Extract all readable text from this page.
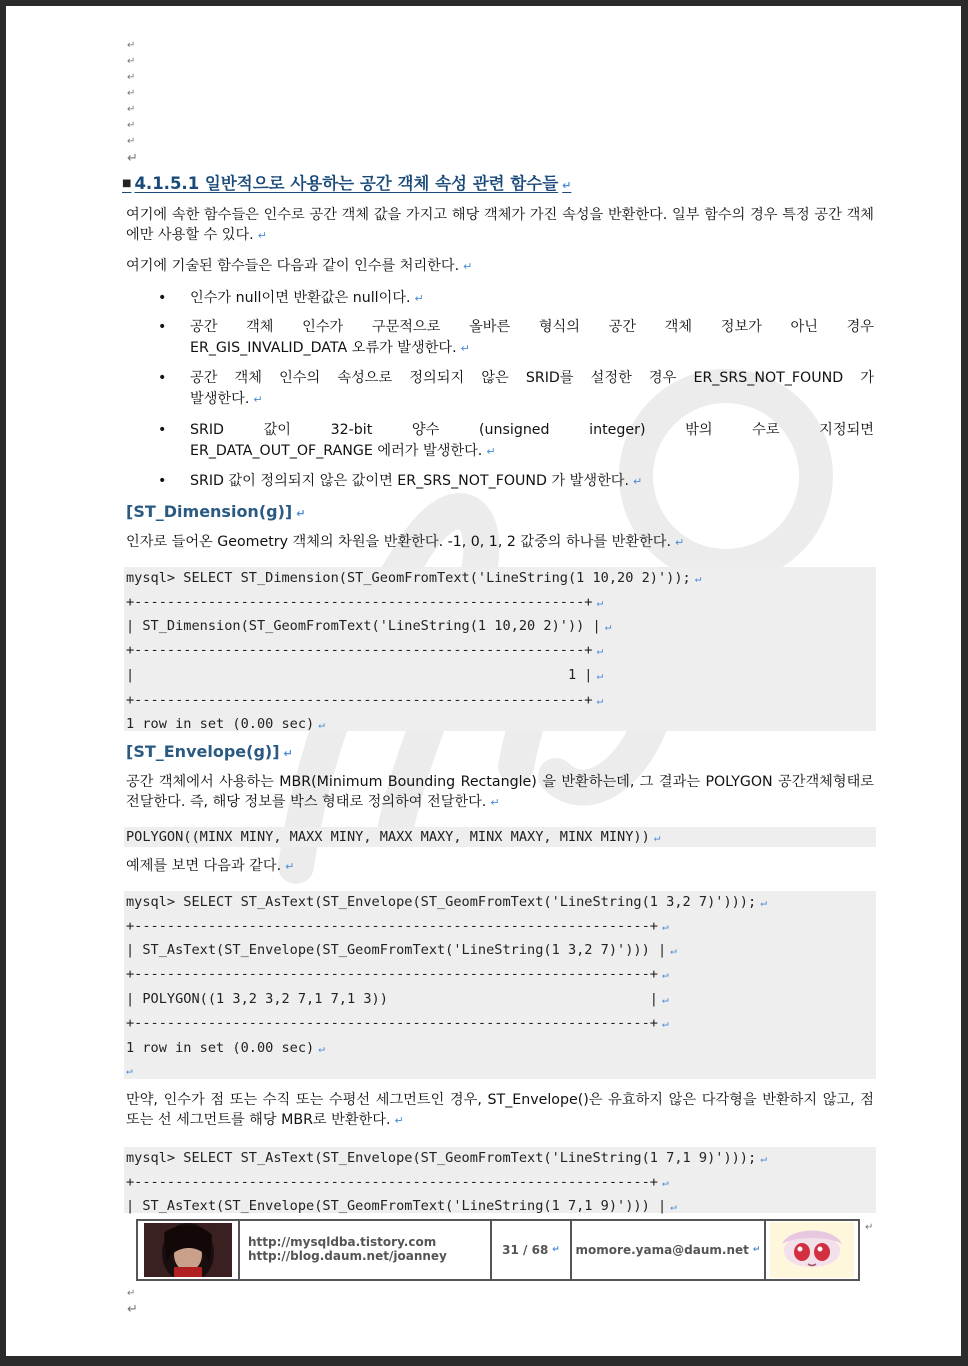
↵
↵
↵
↵
↵
↵
↵
↵
■ 4.1.5.1 일반적으로 사용하는 공간 객체 속성 관련 함수들 ↵
여기에 속한 함수들은 인수로 공간 객체 값을 가지고 해당 객체가 가진 속성을 반환한다. 일부 함수의 경우 특정 공간 객체에만 사용할 수 있다. ↵
여기에 기술된 함수들은 다음과 같이 인수를 처리한다. ↵
• 인수가 null이면 반환값은 null이다. ↵
• 공간 객체 인수가 구문적으로 올바른 형식의 공간 객체 정보가 아닌 경우
ER_GIS_INVALID_DATA 오류가 발생한다. ↵
• 공간 객체 인수의 속성으로 정의되지 않은 SRID를 설정한 경우 ER_SRS_NOT_FOUND 가
발생한다. ↵
• SRID 값이 32-bit 양수 (unsigned integer) 밖의 수로 지정되면
ER_DATA_OUT_OF_RANGE 에러가 발생한다. ↵
• SRID 값이 정의되지 않은 값이면 ER_SRS_NOT_FOUND 가 발생한다. ↵
[ST_Dimension(g)] ↵
인자로 들어온 Geometry 객체의 차원을 반환한다. -1, 0, 1, 2 값중의 하나를 반환한다. ↵
mysql> SELECT ST_Dimension(ST_GeomFromText('LineString(1 10,20 2)')); ↵
+-------------------------------------------------------+ ↵
| ST_Dimension(ST_GeomFromText('LineString(1 10,20 2)')) | ↵
+-------------------------------------------------------+ ↵
|                                                     1 | ↵
+-------------------------------------------------------+ ↵
1 row in set (0.00 sec) ↵
[ST_Envelope(g)] ↵
공간 객체에서 사용하는 MBR(Minimum Bounding Rectangle) 을 반환하는데, 그 결과는 POLYGON 공간객체형태로 전달한다. 즉, 해당 정보를 박스 형태로 정의하여 전달한다. ↵
POLYGON((MINX MINY, MAXX MINY, MAXX MAXY, MINX MAXY, MINX MINY)) ↵
예제를 보면 다음과 같다. ↵
mysql> SELECT ST_AsText(ST_Envelope(ST_GeomFromText('LineString(1 3,2 7)'))); ↵
+---------------------------------------------------------------+ ↵
| ST_AsText(ST_Envelope(ST_GeomFromText('LineString(1 3,2 7)'))) | ↵
+---------------------------------------------------------------+ ↵
| POLYGON((1 3,2 3,2 7,1 7,1 3))                                | ↵
+---------------------------------------------------------------+ ↵
1 row in set (0.00 sec) ↵
↵
만약, 인수가 점 또는 수직 또는 수평선 세그먼트인 경우, ST_Envelope()은 유효하지 않은 다각형을 반환하지 않고, 점 또는 선 세그먼트를 해당 MBR로 반환한다. ↵
mysql> SELECT ST_AsText(ST_Envelope(ST_GeomFromText('LineString(1 7,1 9)'))); ↵
+---------------------------------------------------------------+ ↵
| ST_AsText(ST_Envelope(ST_GeomFromText('LineString(1 7,1 9)'))) | ↵
http://mysqldba.tistory.com
http://blog.daum.net/joanney	31 / 68 ↵ momore.yama@daum.net ↵
↵
↵
↵
